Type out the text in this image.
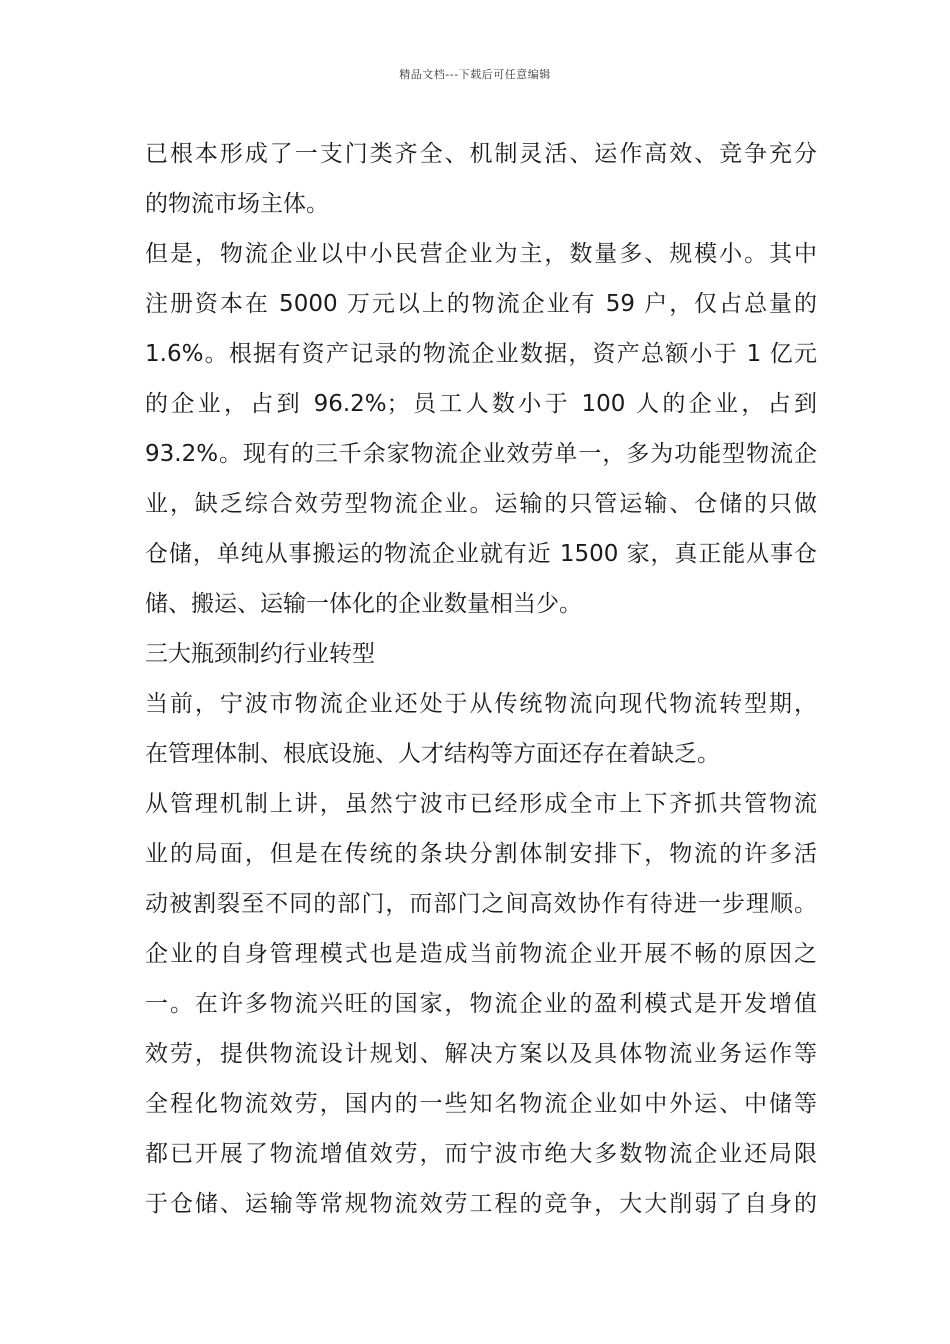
精品文档---下载后可任意编辑
已根本形成了一支门类齐全、机制灵活、运作高效、竞争充分
的物流市场主体。
但是，物流企业以中小民营企业为主，数量多、规模小。其中
注册资本在 5000 万元以上的物流企业有 59 户，仅占总量的
1.6%。根据有资产记录的物流企业数据，资产总额小于 1 亿元
的企业，占到 96.2%；员工人数小于 100 人的企业，占到
93.2%。现有的三千余家物流企业效劳单一，多为功能型物流企
业，缺乏综合效劳型物流企业。运输的只管运输、仓储的只做
仓储，单纯从事搬运的物流企业就有近 1500 家，真正能从事仓
储、搬运、运输一体化的企业数量相当少。
三大瓶颈制约行业转型
当前，宁波市物流企业还处于从传统物流向现代物流转型期，
在管理体制、根底设施、人才结构等方面还存在着缺乏。
从管理机制上讲，虽然宁波市已经形成全市上下齐抓共管物流
业的局面，但是在传统的条块分割体制安排下，物流的许多活
动被割裂至不同的部门，而部门之间高效协作有待进一步理顺。
企业的自身管理模式也是造成当前物流企业开展不畅的原因之
一。在许多物流兴旺的国家，物流企业的盈利模式是开发增值
效劳，提供物流设计规划、解决方案以及具体物流业务运作等
全程化物流效劳，国内的一些知名物流企业如中外运、中储等
都已开展了物流增值效劳，而宁波市绝大多数物流企业还局限
于仓储、运输等常规物流效劳工程的竞争，大大削弱了自身的
